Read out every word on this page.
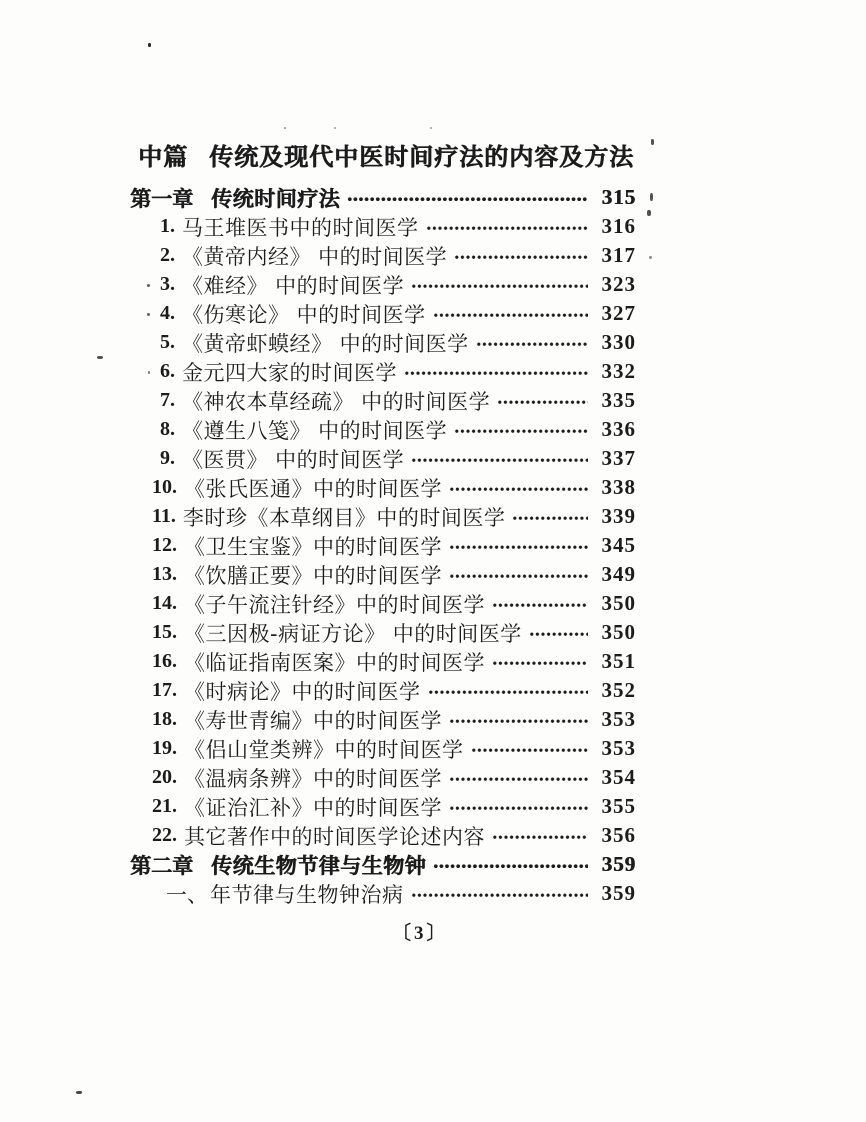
中篇 传统及现代中医时间疗法的内容及方法
第一章 传统时间疗法	315
1. 马王堆医书中的时间医学	316
2. 《黄帝内经》 中的时间医学	317
3. 《难经》 中的时间医学	323
4. 《伤寒论》 中的时间医学	327
5. 《黄帝虾蟆经》 中的时间医学	330
6. 金元四大家的时间医学	332
7. 《神农本草经疏》 中的时间医学	335
8. 《遵生八笺》 中的时间医学	336
9. 《医贯》 中的时间医学	337
10. 《张氏医通》中的时间医学	338
11. 李时珍《本草纲目》中的时间医学	339
12. 《卫生宝鉴》中的时间医学	345
13. 《饮膳正要》中的时间医学	349
14. 《子午流注针经》中的时间医学	350
15. 《三因极-病证方论》 中的时间医学	350
16. 《临证指南医案》中的时间医学	351
17. 《时病论》中的时间医学	352
18. 《寿世青编》中的时间医学	353
19. 《侣山堂类辨》中的时间医学	353
20. 《温病条辨》中的时间医学	354
21. 《证治汇补》中的时间医学	355
22. 其它著作中的时间医学论述内容	356
第二章 传统生物节律与生物钟	359
一、 年节律与生物钟治病	359
〔3〕
